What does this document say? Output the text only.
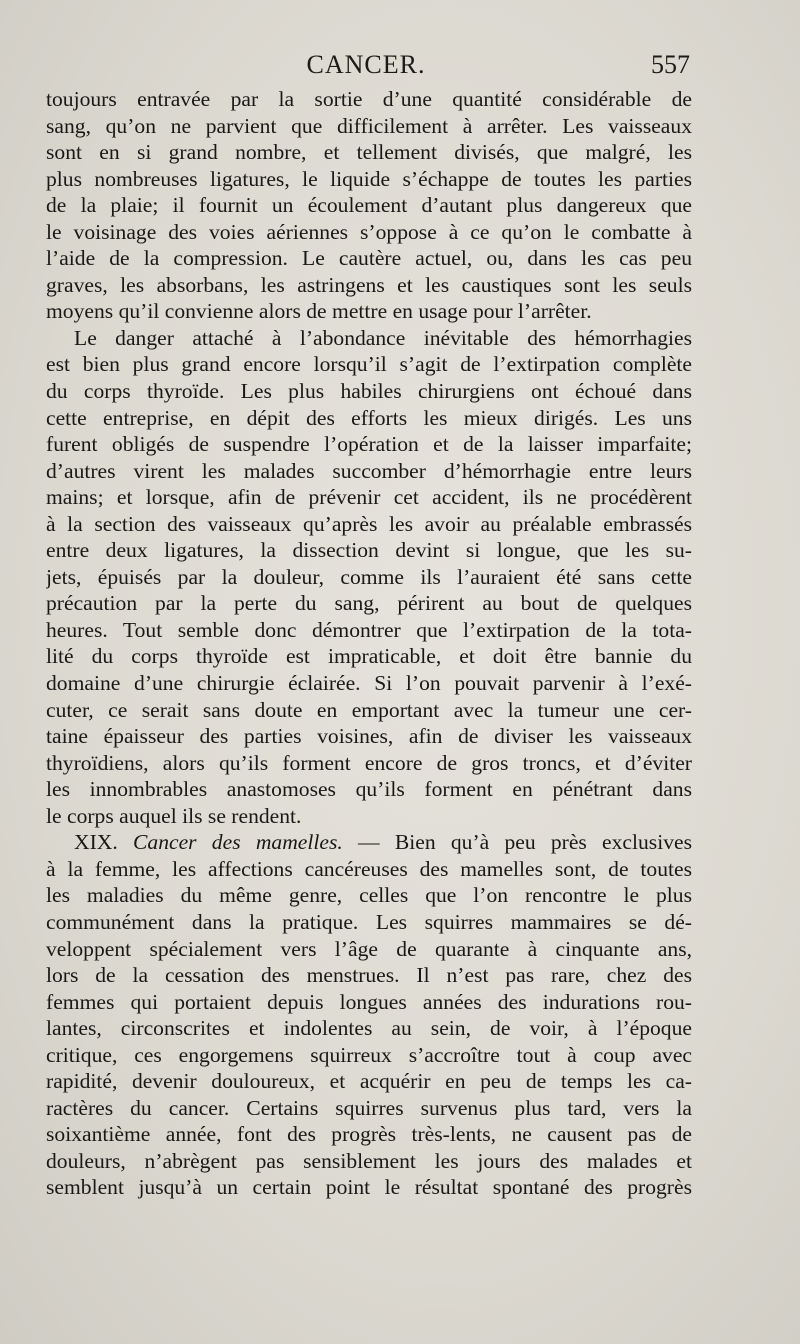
CANCER.	557
toujours entravée par la sortie d’une quantité considérable de
sang, qu’on ne parvient que difficilement à arrêter. Les vaisseaux
sont en si grand nombre, et tellement divisés, que malgré, les
plus nombreuses ligatures, le liquide s’échappe de toutes les parties
de la plaie; il fournit un écoulement d’autant plus dangereux que
le voisinage des voies aériennes s’oppose à ce qu’on le combatte à
l’aide de la compression. Le cautère actuel, ou, dans les cas peu
graves, les absorbans, les astringens et les caustiques sont les seuls
moyens qu’il convienne alors de mettre en usage pour l’arrêter.
Le danger attaché à l’abondance inévitable des hémorrhagies
est bien plus grand encore lorsqu’il s’agit de l’extirpation complète
du corps thyroïde. Les plus habiles chirurgiens ont échoué dans
cette entreprise, en dépit des efforts les mieux dirigés. Les uns
furent obligés de suspendre l’opération et de la laisser imparfaite;
d’autres virent les malades succomber d’hémorrhagie entre leurs
mains; et lorsque, afin de prévenir cet accident, ils ne procédèrent
à la section des vaisseaux qu’après les avoir au préalable embrassés
entre deux ligatures, la dissection devint si longue, que les su-
jets, épuisés par la douleur, comme ils l’auraient été sans cette
précaution par la perte du sang, périrent au bout de quelques
heures. Tout semble donc démontrer que l’extirpation de la tota-
lité du corps thyroïde est impraticable, et doit être bannie du
domaine d’une chirurgie éclairée. Si l’on pouvait parvenir à l’exé-
cuter, ce serait sans doute en emportant avec la tumeur une cer-
taine épaisseur des parties voisines, afin de diviser les vaisseaux
thyroïdiens, alors qu’ils forment encore de gros troncs, et d’éviter
les innombrables anastomoses qu’ils forment en pénétrant dans
le corps auquel ils se rendent.
XIX. Cancer des mamelles. — Bien qu’à peu près exclusives
à la femme, les affections cancéreuses des mamelles sont, de toutes
les maladies du même genre, celles que l’on rencontre le plus
communément dans la pratique. Les squirres mammaires se dé-
veloppent spécialement vers l’âge de quarante à cinquante ans,
lors de la cessation des menstrues. Il n’est pas rare, chez des
femmes qui portaient depuis longues années des indurations rou-
lantes, circonscrites et indolentes au sein, de voir, à l’époque
critique, ces engorgemens squirreux s’accroître tout à coup avec
rapidité, devenir douloureux, et acquérir en peu de temps les ca-
ractères du cancer. Certains squirres survenus plus tard, vers la
soixantième année, font des progrès très-lents, ne causent pas de
douleurs, n’abrègent pas sensiblement les jours des malades et
semblent jusqu’à un certain point le résultat spontané des progrès
